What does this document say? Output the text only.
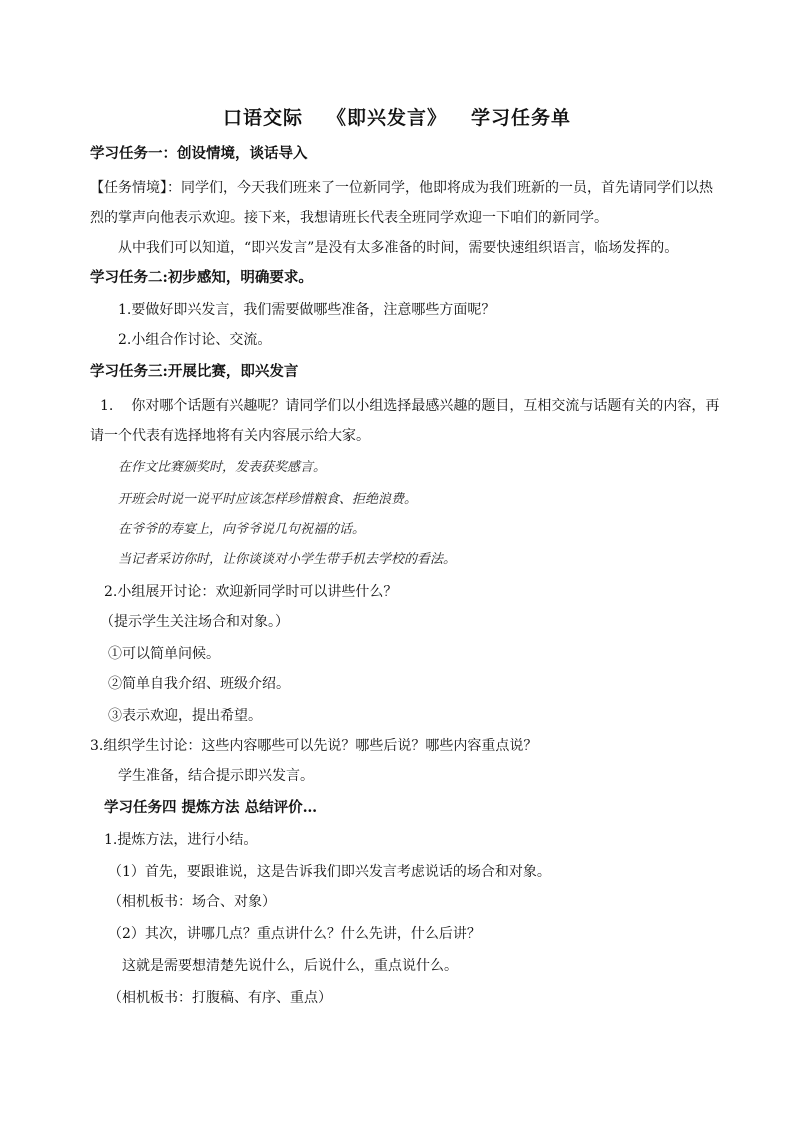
口语交际 《即兴发言》 学习任务单
学习任务一：创设情境，谈话导入
【任务情境】：同学们，今天我们班来了一位新同学，他即将成为我们班新的一员，首先请同学们以热
烈的掌声向他表示欢迎。接下来，我想请班长代表全班同学欢迎一下咱们的新同学。
从中我们可以知道，“即兴发言”是没有太多准备的时间，需要快速组织语言，临场发挥的。
学习任务二:初步感知，明确要求。
1.要做好即兴发言，我们需要做哪些准备，注意哪些方面呢？
2.小组合作讨论、交流。
学习任务三:开展比赛，即兴发言
1. 你对哪个话题有兴趣呢？请同学们以小组选择最感兴趣的题目，互相交流与话题有关的内容，再
请一个代表有选择地将有关内容展示给大家。
在作文比赛颁奖时，发表获奖感言。
开班会时说一说平时应该怎样珍惜粮食、拒绝浪费。
在爷爷的寿宴上，向爷爷说几句祝福的话。
当记者采访你时，让你谈谈对小学生带手机去学校的看法。
2.小组展开讨论：欢迎新同学时可以讲些什么？
（提示学生关注场合和对象。）
①可以简单问候。
②简单自我介绍、班级介绍。
③表示欢迎，提出希望。
3.组织学生讨论：这些内容哪些可以先说？哪些后说？哪些内容重点说？
学生准备，结合提示即兴发言。
学习任务四 提炼方法 总结评价…
1.提炼方法，进行小结。
（1）首先，要跟谁说，这是告诉我们即兴发言考虑说话的场合和对象。
（相机板书：场合、对象）
（2）其次，讲哪几点？重点讲什么？什么先讲，什么后讲？
这就是需要想清楚先说什么，后说什么，重点说什么。
（相机板书：打腹稿、有序、重点）
